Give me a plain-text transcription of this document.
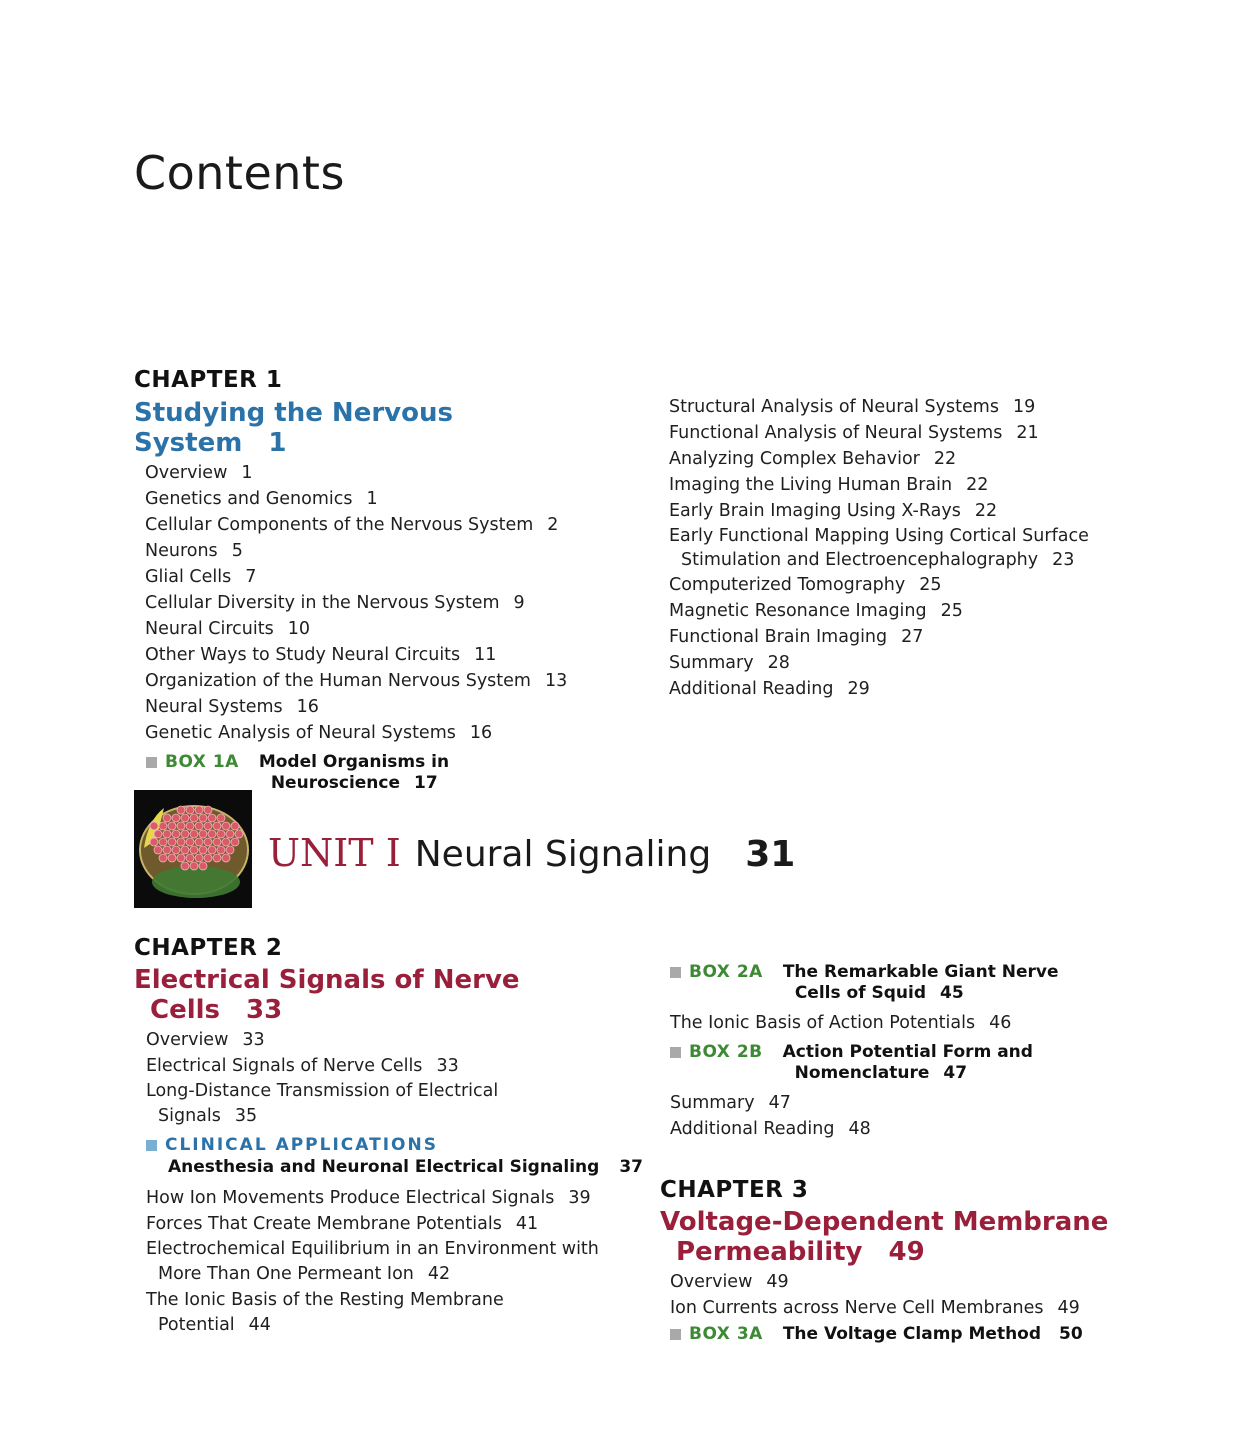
Contents
CHAPTER 1
Studying the Nervous System 1
Overview 1
Genetics and Genomics 1
Cellular Components of the Nervous System 2
Neurons 5
Glial Cells 7
Cellular Diversity in the Nervous System 9
Neural Circuits 10
Other Ways to Study Neural Circuits 11
Organization of the Human Nervous System 13
Neural Systems 16
Genetic Analysis of Neural Systems 16
BOX 1A Model Organisms in
Neuroscience 17
Structural Analysis of Neural Systems 19
Functional Analysis of Neural Systems 21
Analyzing Complex Behavior 22
Imaging the Living Human Brain 22
Early Brain Imaging Using X-Rays 22
Early Functional Mapping Using Cortical Surface
Stimulation and Electroencephalography 23
Computerized Tomography 25
Magnetic Resonance Imaging 25
Functional Brain Imaging 27
Summary 28
Additional Reading 29
UNIT I Neural Signaling 31
CHAPTER 2
Electrical Signals of Nerve
Cells 33
Overview 33
Electrical Signals of Nerve Cells 33
Long-Distance Transmission of Electrical
Signals 35
CLINICAL APPLICATIONS
Anesthesia and Neuronal Electrical Signaling 37
How Ion Movements Produce Electrical Signals 39
Forces That Create Membrane Potentials 41
Electrochemical Equilibrium in an Environment with
More Than One Permeant Ion 42
The Ionic Basis of the Resting Membrane
Potential 44
BOX 2A The Remarkable Giant Nerve
Cells of Squid 45
The Ionic Basis of Action Potentials 46
BOX 2B Action Potential Form and
Nomenclature 47
Summary 47
Additional Reading 48
CHAPTER 3
Voltage-Dependent Membrane
Permeability 49
Overview 49
Ion Currents across Nerve Cell Membranes 49
BOX 3A The Voltage Clamp Method 50
